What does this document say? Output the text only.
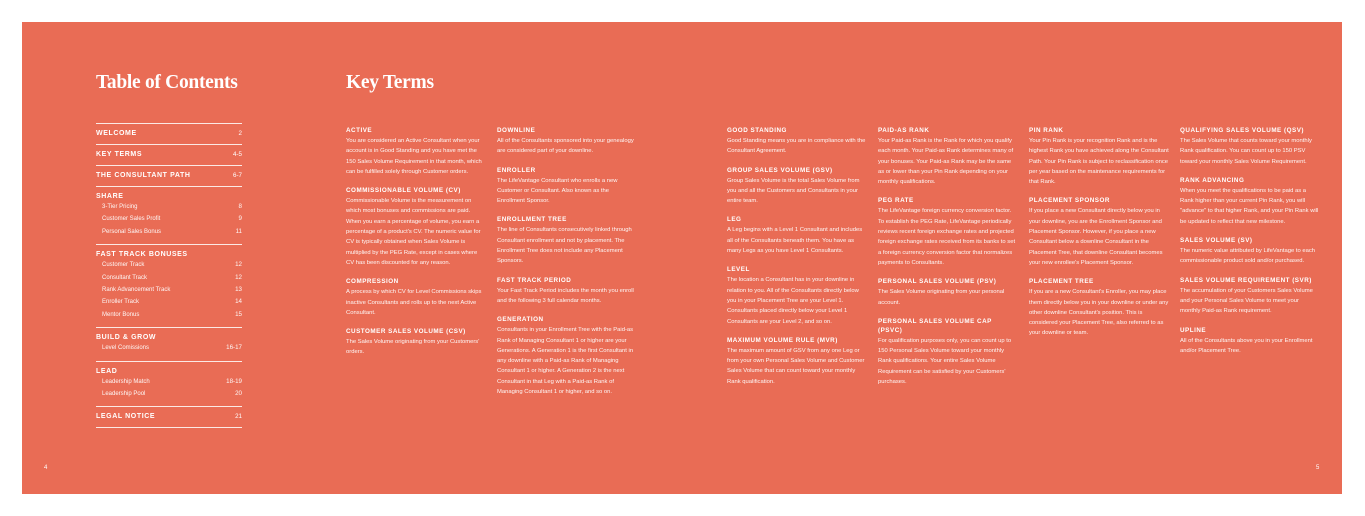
Table of Contents	Key Terms
WELCOME	2
KEY TERMS	4-5
THE CONSULTANT PATH	6-7
SHARE
3-Tier Pricing	8
Customer Sales Profit	9
Personal Sales Bonus	11
FAST TRACK BONUSES
Customer Track	12
Consultant Track	12
Rank Advancement Track	13
Enroller Track	14
Mentor Bonus	15
BUILD & GROW
Level Comissions	16-17
LEAD
Leadership Match	18-19
Leadership Pool	20
LEGAL NOTICE	21
ACTIVE
You are considered an Active Consultant when your account is in Good Standing and you have met the 150 Sales Volume Requirement in that month, which can be fulfilled solely through Customer orders.
COMMISSIONABLE VOLUME (CV)
Commissionable Volume is the measurement on which most bonuses and commissions are paid. When you earn a percentage of volume, you earn a percentage of a product's CV. The numeric value for CV is typically obtained when Sales Volume is multiplied by the PEG Rate, except in cases where CV has been discounted for any reason.
COMPRESSION
A process by which CV for Level Commissions skips inactive Consultants and rolls up to the next Active Consultant.
CUSTOMER SALES VOLUME (CSV)
The Sales Volume originating from your Customers' orders.
DOWNLINE
All of the Consultants sponsored into your genealogy are considered part of your downline.
ENROLLER
The LifeVantage Consultant who enrolls a new Customer or Consultant. Also known as the Enrollment Sponsor.
ENROLLMENT TREE
The line of Consultants consecutively linked through Consultant enrollment and not by placement. The Enrollment Tree does not include any Placement Sponsors.
FAST TRACK PERIOD
Your Fast Track Period includes the month you enroll and the following 3 full calendar months.
GENERATION
Consultants in your Enrollment Tree with the Paid-as Rank of Managing Consultant 1 or higher are your Generations. A Generation 1 is the first Consultant in any downline with a Paid-as Rank of Managing Consultant 1 or higher. A Generation 2 is the next Consultant in that Leg with a Paid-as Rank of Managing Consultant 1 or higher, and so on.
GOOD STANDING
Good Standing means you are in compliance with the Consultant Agreement.
GROUP SALES VOLUME (GSV)
Group Sales Volume is the total Sales Volume from you and all the Customers and Consultants in your entire team.
LEG
A Leg begins with a Level 1 Consultant and includes all of the Consultants beneath them. You have as many Legs as you have Level 1 Consultants.
LEVEL
The location a Consultant has in your downline in relation to you. All of the Consultants directly below you in your Placement Tree are your Level 1. Consultants placed directly below your Level 1 Consultants are your Level 2, and so on.
MAXIMUM VOLUME RULE (MVR)
The maximum amount of GSV from any one Leg or from your own Personal Sales Volume and Customer Sales Volume that can count toward your monthly Rank qualification.
PAID-AS RANK
Your Paid-as Rank is the Rank for which you qualify each month. Your Paid-as Rank determines many of your bonuses. Your Paid-as Rank may be the same as or lower than your Pin Rank depending on your monthly qualifications.
PEG RATE
The LifeVantage foreign currency conversion factor. To establish the PEG Rate, LifeVantage periodically reviews recent foreign exchange rates and projected foreign exchange rates received from its banks to set a foreign currency conversion factor that normalizes payments to Consultants.
PERSONAL SALES VOLUME (PSV)
The Sales Volume originating from your personal account.
PERSONAL SALES VOLUME CAP (PSVC)
For qualification purposes only, you can count up to 150 Personal Sales Volume toward your monthly Rank qualifications. Your entire Sales Volume Requirement can be satisfied by your Customers' purchases.
PIN RANK
Your Pin Rank is your recognition Rank and is the highest Rank you have achieved along the Consultant Path. Your Pin Rank is subject to reclassification once per year based on the maintenance requirements for that Rank.
PLACEMENT SPONSOR
If you place a new Consultant directly below you in your downline, you are the Enrollment Sponsor and Placement Sponsor. However, if you place a new Consultant below a downline Consultant in the Placement Tree, that downline Consultant becomes your new enrollee's Placement Sponsor.
PLACEMENT TREE
If you are a new Consultant's Enroller, you may place them directly below you in your downline or under any other downline Consultant's position. This is considered your Placement Tree, also referred to as your downline or team.
QUALIFYING SALES VOLUME (QSV)
The Sales Volume that counts toward your monthly Rank qualification. You can count up to 150 PSV toward your monthly Sales Volume Requirement.
RANK ADVANCING
When you meet the qualifications to be paid as a Rank higher than your current Pin Rank, you will "advance" to that higher Rank, and your Pin Rank will be updated to reflect that new milestone.
SALES VOLUME (SV)
The numeric value attributed by LifeVantage to each commissionable product sold and/or purchased.
SALES VOLUME REQUIREMENT (SVR)
The accumulation of your Customers Sales Volume and your Personal Sales Volume to meet your monthly Paid-as Rank requirement.
UPLINE
All of the Consultants above you in your Enrollment and/or Placement Tree.
4	5
